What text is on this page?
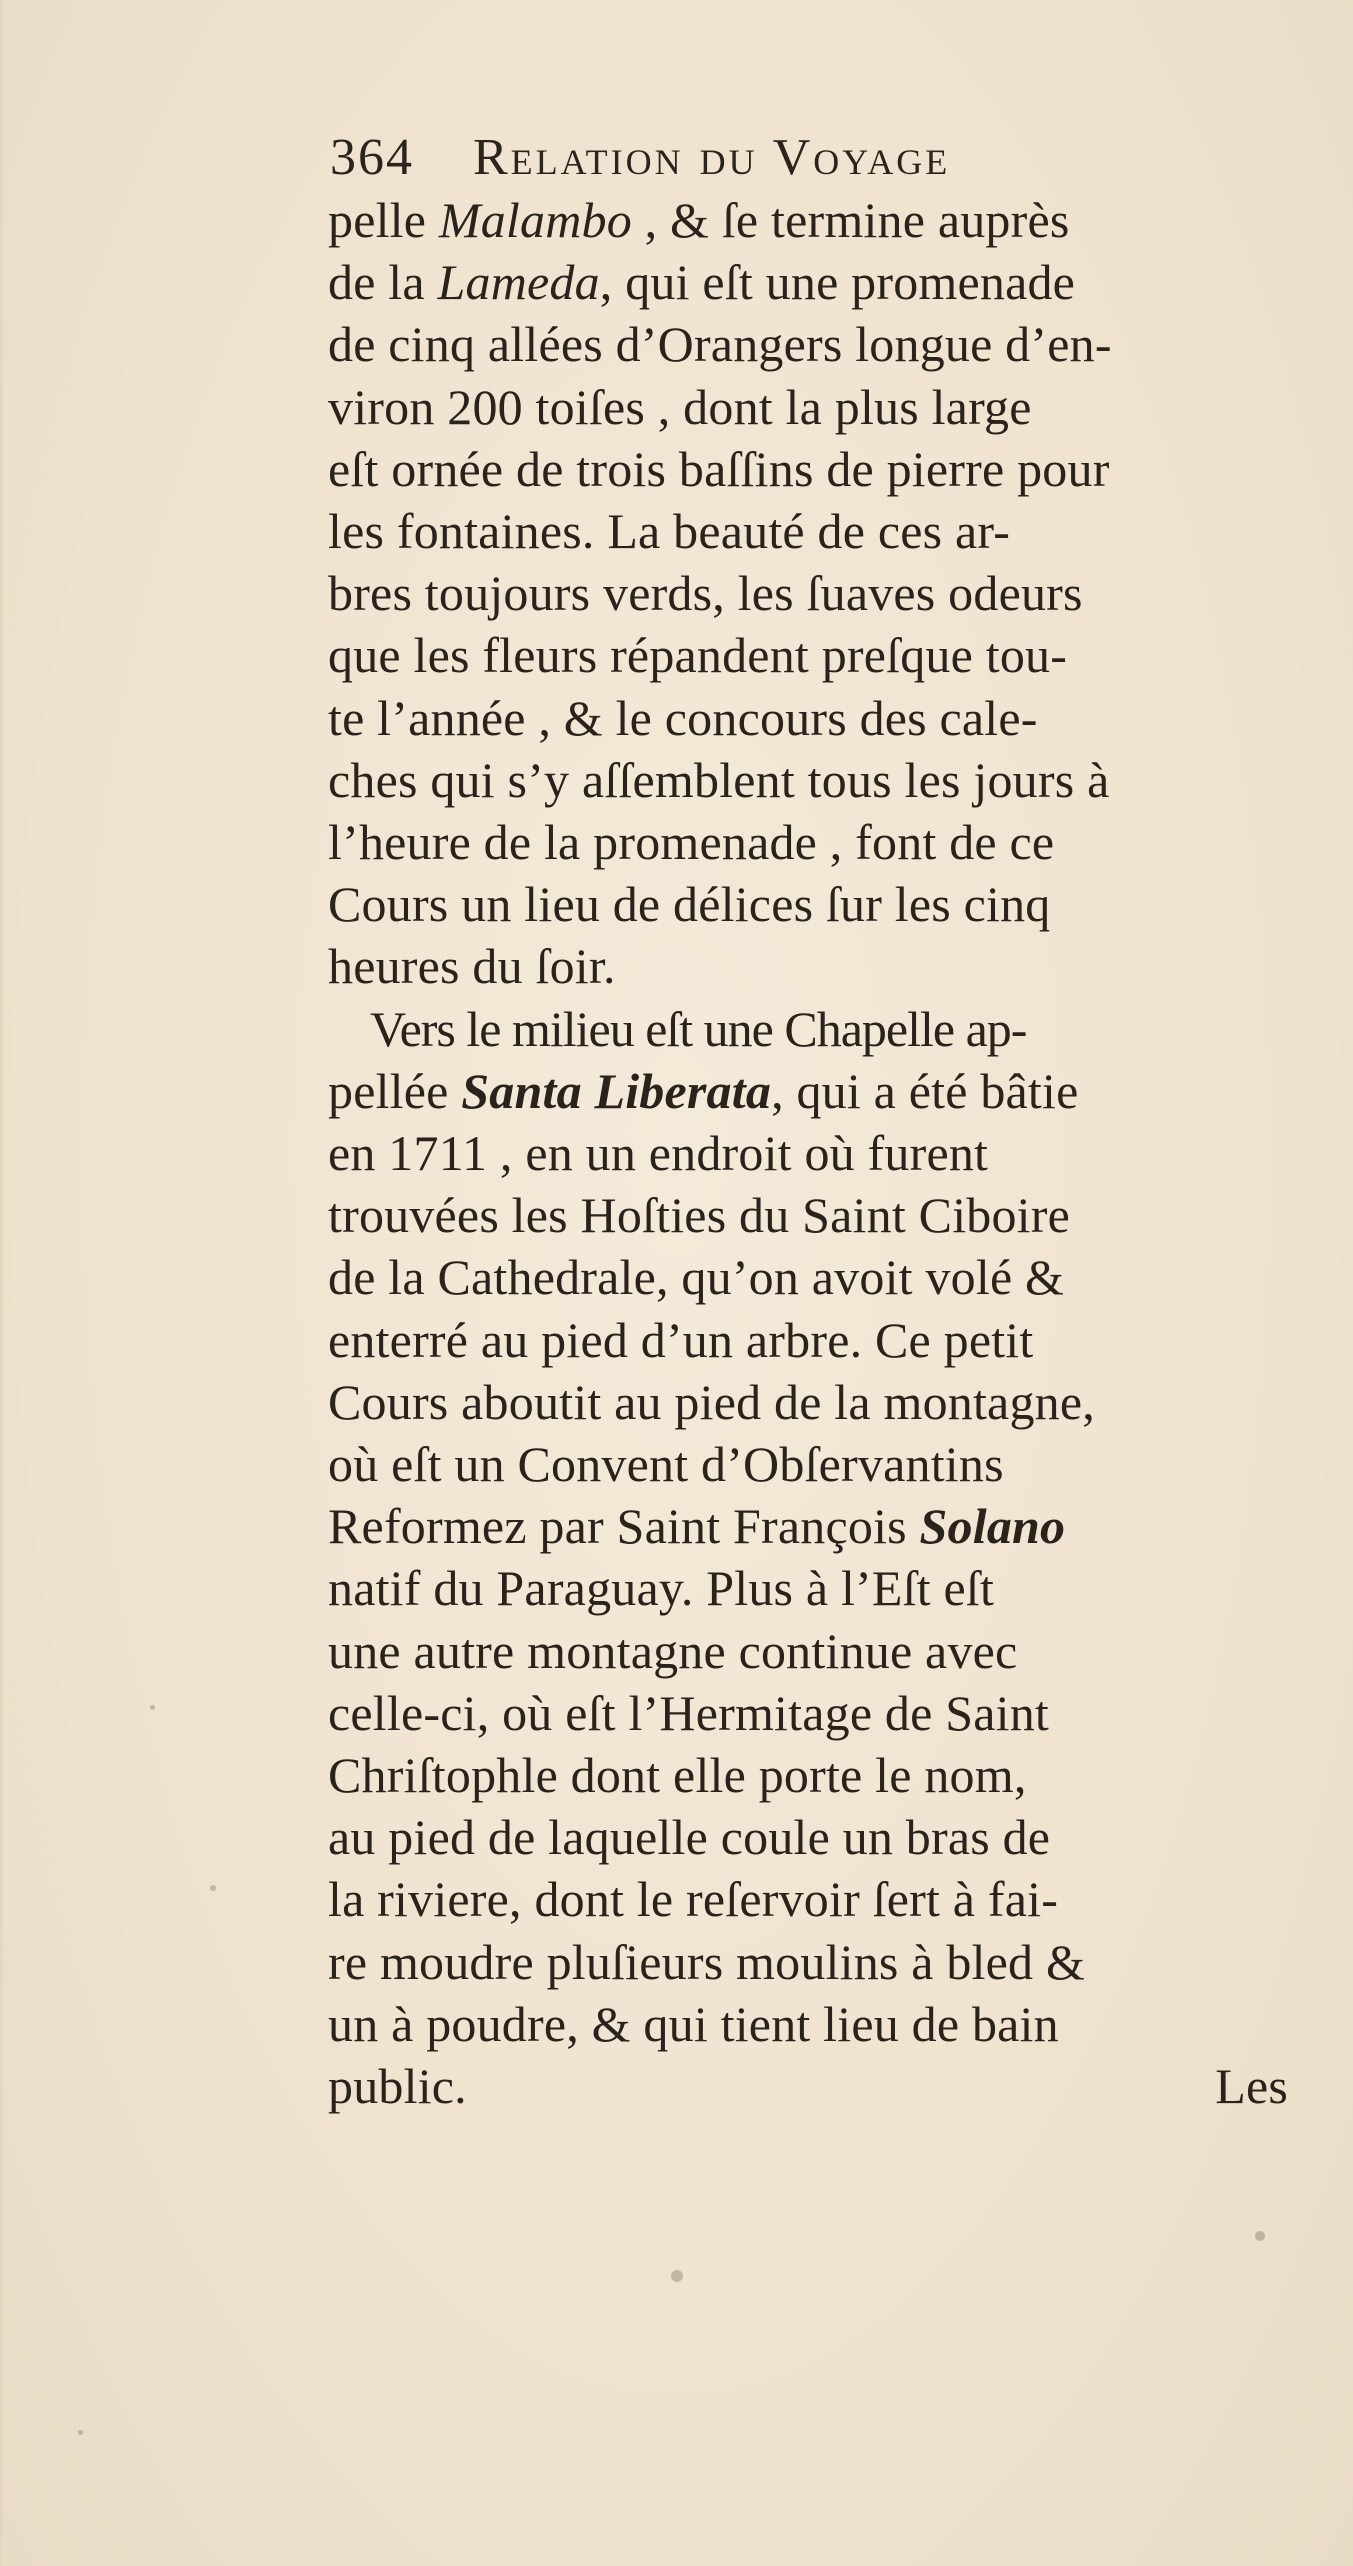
364 Relation du Voyage
pelle Malambo , & ſe termine auprès
de la Lameda, qui eſt une promenade
de cinq allées d’Orangers longue d’en-
viron 200 toiſes , dont la plus large
eſt ornée de trois baſſins de pierre pour
les fontaines. La beauté de ces ar-
bres toujours verds, les ſuaves odeurs
que les fleurs répandent preſque tou-
te l’année , & le concours des cale-
ches qui s’y aſſemblent tous les jours à
l’heure de la promenade , font de ce
Cours un lieu de délices ſur les cinq
heures du ſoir.
Vers le milieu eſt une Chapelle ap-
pellée Santa Liberata, qui a été bâtie
en 1711 , en un endroit où furent
trouvées les Hoſties du Saint Ciboire
de la Cathedrale, qu’on avoit volé &
enterré au pied d’un arbre. Ce petit
Cours aboutit au pied de la montagne,
où eſt un Convent d’Obſervantins
Reformez par Saint François Solano
natif du Paraguay. Plus à l’Eſt eſt
une autre montagne continue avec
celle-ci, où eſt l’Hermitage de Saint
Chriſtophle dont elle porte le nom,
au pied de laquelle coule un bras de
la riviere, dont le reſervoir ſert à fai-
re moudre pluſieurs moulins à bled &
un à poudre, & qui tient lieu de bain
public.	Les
